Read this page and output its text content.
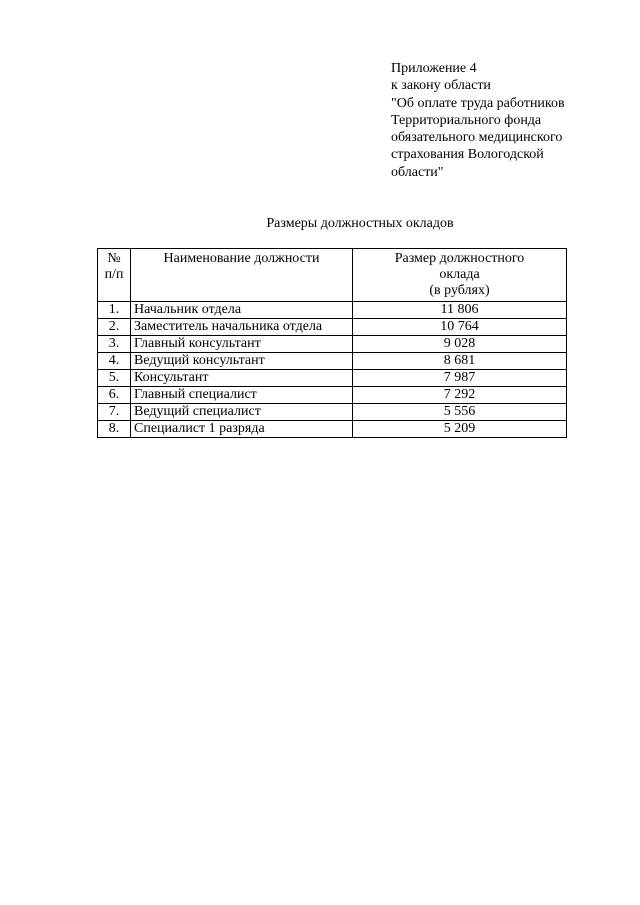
Приложение 4
к закону области
"Об оплате труда работников
Территориального фонда
обязательного медицинского
страхования Вологодской
области"
Размеры должностных окладов
№
п/п	Наименование должности	Размер должностного
оклада
(в рублях)

1.	Начальник отдела	11 806
2.	Заместитель начальника отдела	10 764
3.	Главный консультант	9 028
4.	Ведущий консультант	8 681
5.	Консультант	7 987
6.	Главный специалист	7 292
7.	Ведущий специалист	5 556
8.	Специалист 1 разряда	5 209
